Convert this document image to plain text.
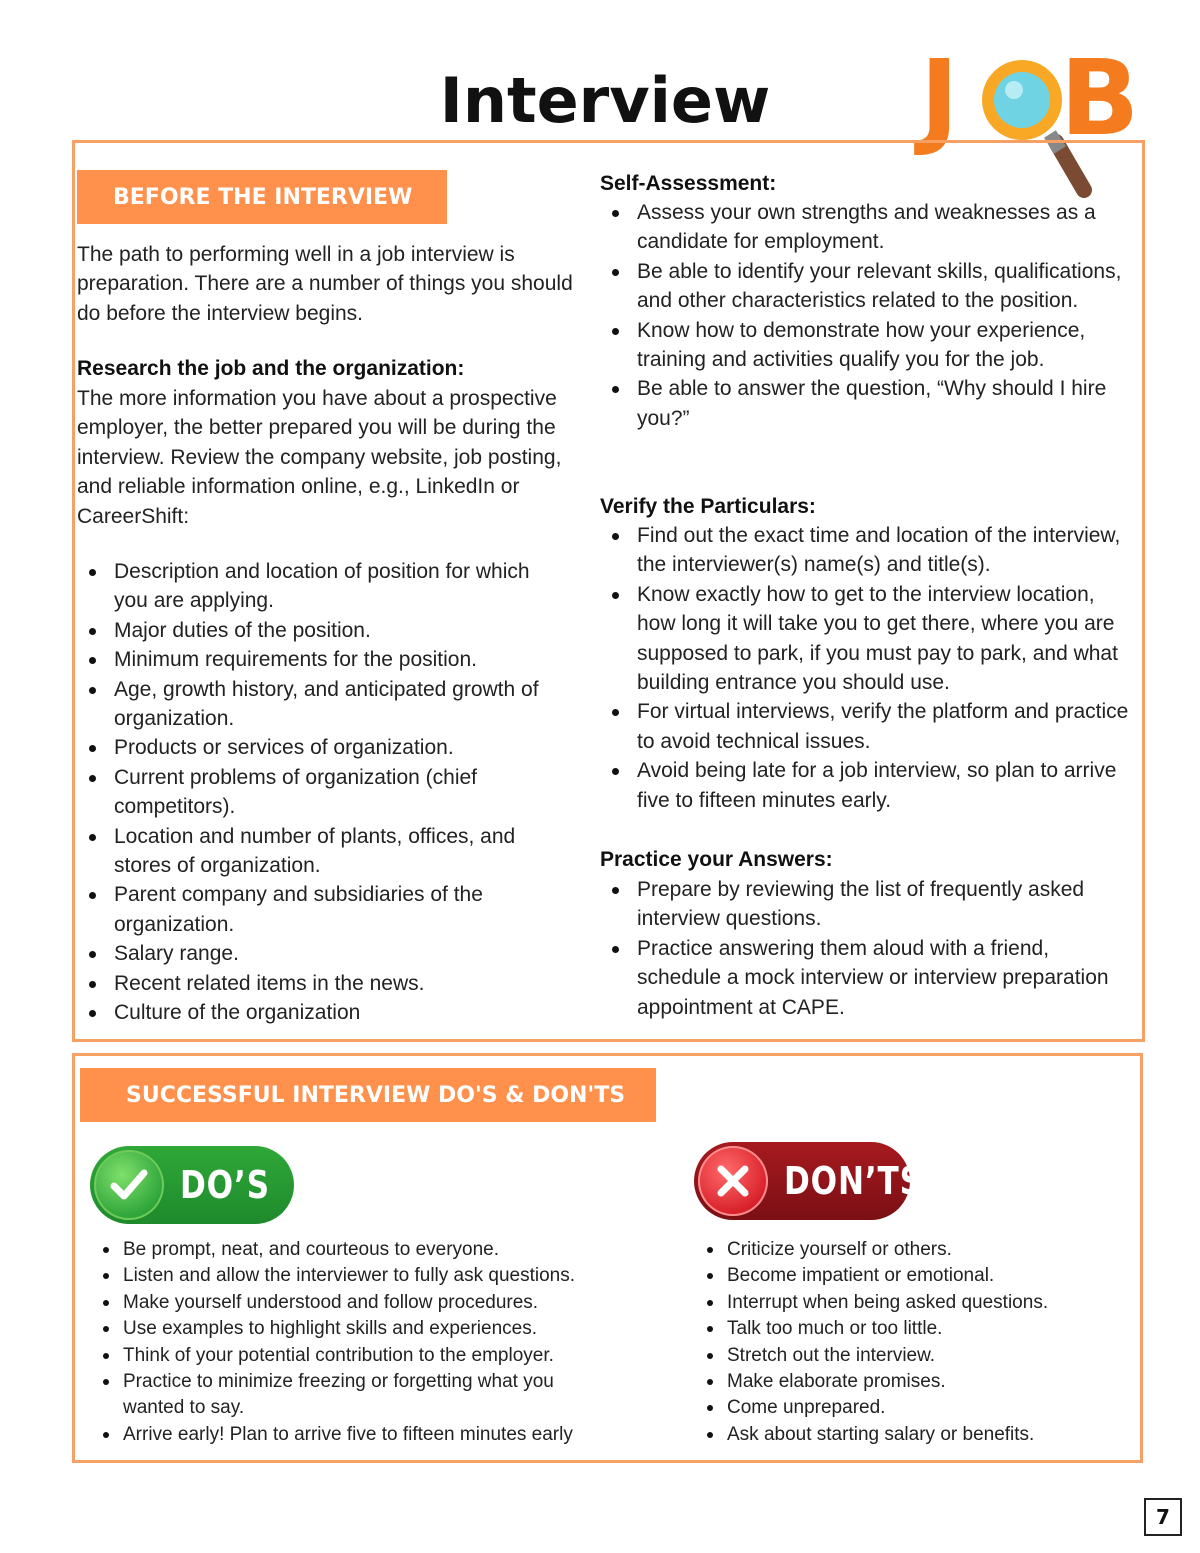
Interview	J B
BEFORE THE INTERVIEW
The path to performing well in a job interview is preparation. There are a number of things you should do before the interview begins.
Research the job and the organization:
The more information you have about a prospective employer, the better prepared you will be during the interview. Review the company website, job posting, and reliable information online, e.g., LinkedIn or CareerShift:
Description and location of position for which you are applying.
Major duties of the position.
Minimum requirements for the position.
Age, growth history, and anticipated growth of organization.
Products or services of organization.
Current problems of organization (chief competitors).
Location and number of plants, offices, and stores of organization.
Parent company and subsidiaries of the organization.
Salary range.
Recent related items in the news.
Culture of the organization
Self-Assessment:
Assess your own strengths and weaknesses as a candidate for employment.
Be able to identify your relevant skills, qualifications, and other characteristics related to the position.
Know how to demonstrate how your experience, training and activities qualify you for the job.
Be able to answer the question, “Why should I hire you?”
Verify the Particulars:
Find out the exact time and location of the interview, the interviewer(s) name(s) and title(s).
Know exactly how to get to the interview location, how long it will take you to get there, where you are supposed to park, if you must pay to park, and what building entrance you should use.
For virtual interviews, verify the platform and practice to avoid technical issues.
Avoid being late for a job interview, so plan to arrive five to fifteen minutes early.
Practice your Answers:
Prepare by reviewing the list of frequently asked interview questions.
Practice answering them aloud with a friend, schedule a mock interview or interview preparation appointment at CAPE.
SUCCESSFUL INTERVIEW DO'S & DON'TS
DO’S	DON’TS
Be prompt, neat, and courteous to everyone.
Listen and allow the interviewer to fully ask questions.
Make yourself understood and follow procedures.
Use examples to highlight skills and experiences.
Think of your potential contribution to the employer.
Practice to minimize freezing or forgetting what you wanted to say.
Arrive early! Plan to arrive five to fifteen minutes early
Criticize yourself or others.
Become impatient or emotional.
Interrupt when being asked questions.
Talk too much or too little.
Stretch out the interview.
Make elaborate promises.
Come unprepared.
Ask about starting salary or benefits.
7
